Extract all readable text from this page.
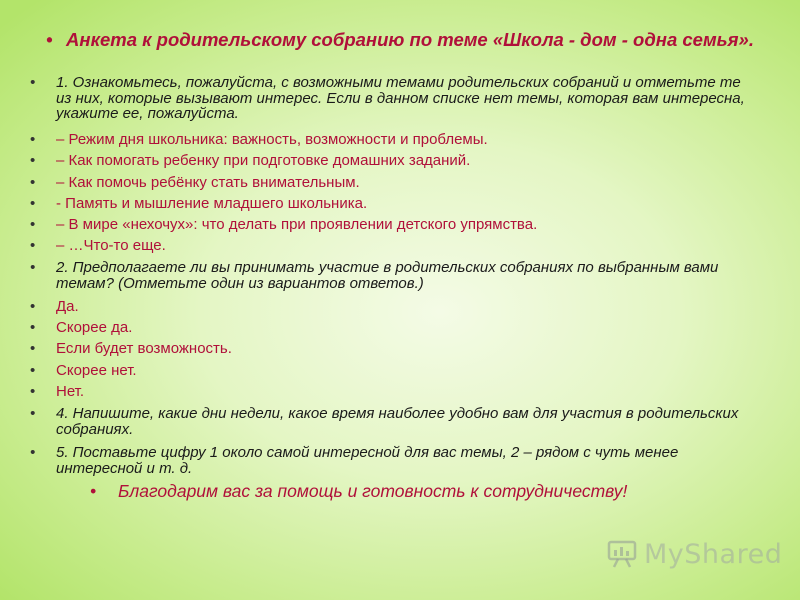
• Анкета к родительскому собранию по теме «Школа - дом - одна семья».
• 1. Ознакомьтесь, пожалуйста, с возможными темами родительских собраний и отметьте те из них, которые вызывают интерес. Если в данном списке нет темы, которая вам интересна, укажите ее, пожалуйста.
• – Режим дня школьника: важность, возможности и проблемы.
• – Как помогать ребенку при подготовке домашних заданий.
• – Как помочь ребёнку стать внимательным.
• - Память и мышление младшего школьника.
• – В мире «нехочух»: что делать при проявлении детского упрямства.
• – …Что-то еще.
• 2. Предполагаете ли вы принимать участие в родительских собраниях по выбранным вами темам? (Отметьте один из вариантов ответов.)
• Да.
• Скорее да.
• Если будет возможность.
• Скорее нет.
• Нет.
• 4. Напишите, какие дни недели, какое время наиболее удобно вам для участия в родительских собраниях.
• 5. Поставьте цифру 1 около самой интересной для вас темы, 2 – рядом с чуть менее интересной и т. д.
• Благодарим вас за помощь и готовность к сотрудничеству!
MyShared
